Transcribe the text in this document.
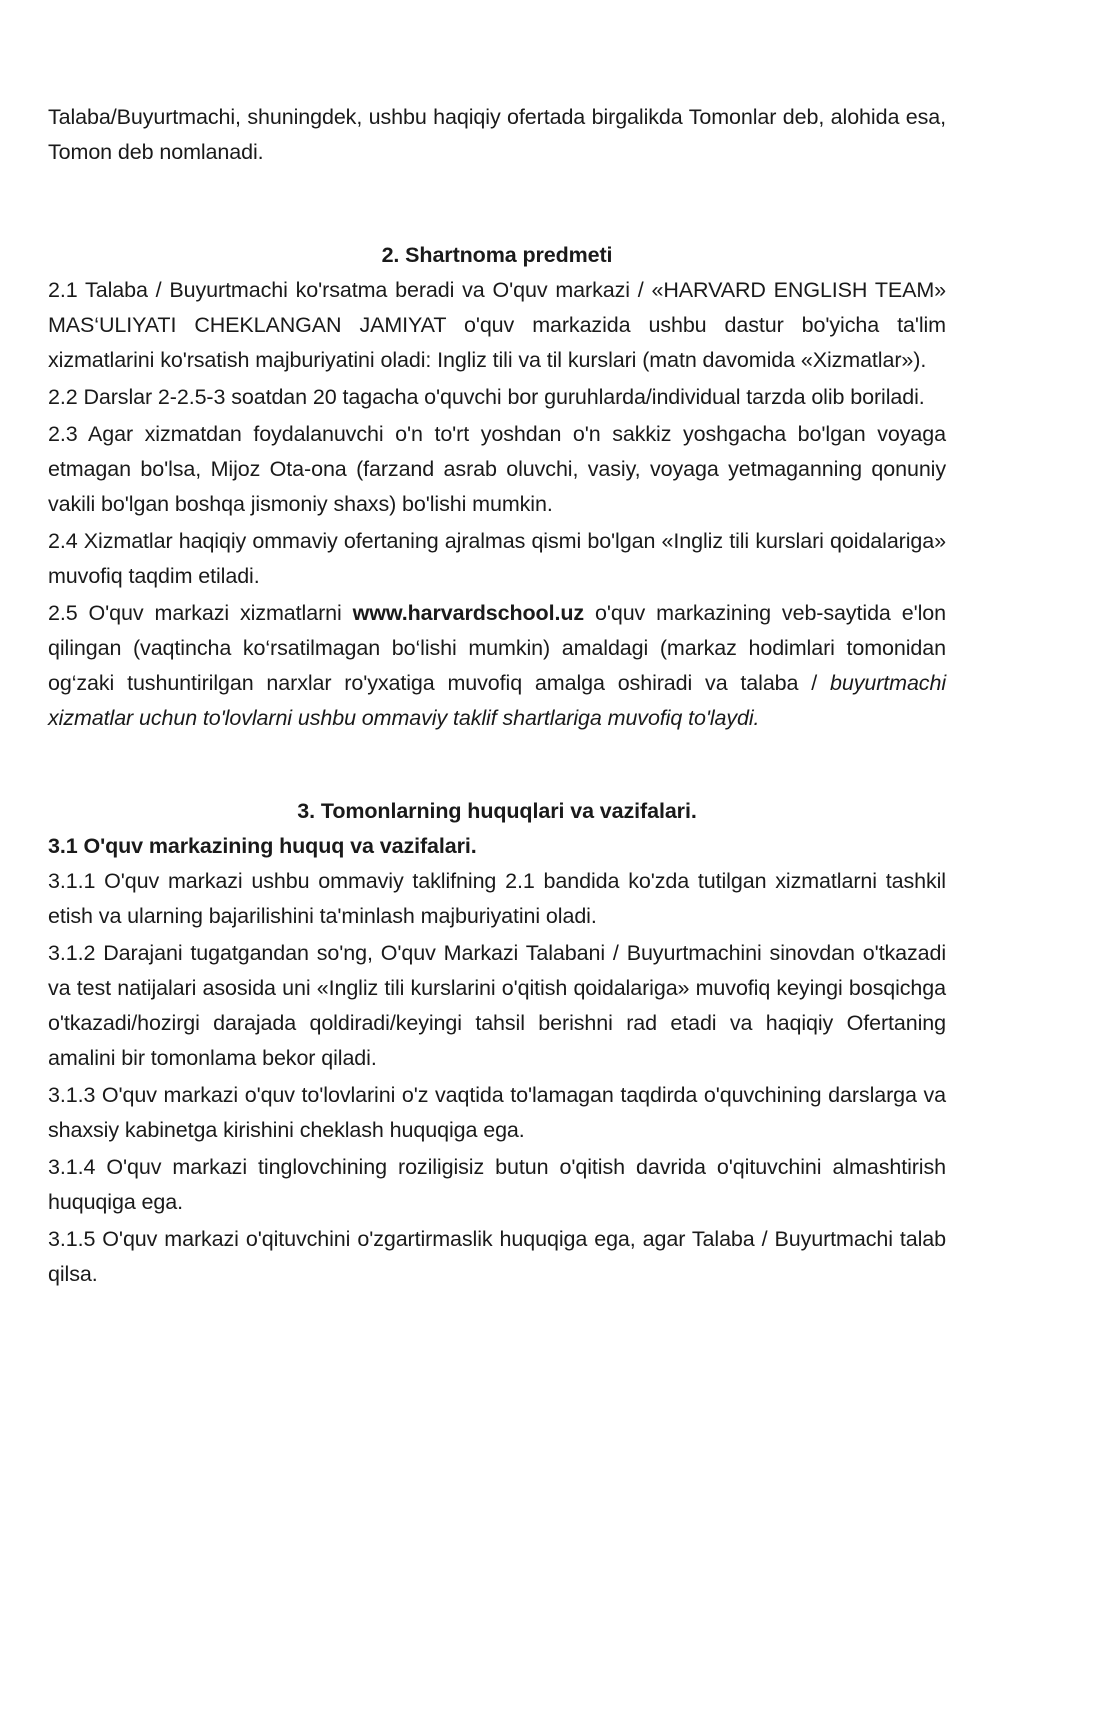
Talaba/Buyurtmachi, shuningdek, ushbu haqiqiy ofertada birgalikda Tomonlar deb, alohida esa, Tomon deb nomlanadi.

2. Shartnoma predmeti

2.1 Talaba / Buyurtmachi ko'rsatma beradi va O'quv markazi / «HARVARD ENGLISH TEAM» MAS‘ULIYATI CHEKLANGAN JAMIYAT o'quv markazida ushbu dastur bo'yicha ta'lim xizmatlarini ko'rsatish majburiyatini oladi: Ingliz tili va til kurslari (matn davomida «Xizmatlar»).

2.2 Darslar 2-2.5-3 soatdan 20 tagacha o'quvchi bor guruhlarda/individual tarzda olib boriladi.

2.3 Agar xizmatdan foydalanuvchi o'n to'rt yoshdan o'n sakkiz yoshgacha bo'lgan voyaga etmagan bo'lsa, Mijoz Ota-ona (farzand asrab oluvchi, vasiy, voyaga yetmaganning qonuniy vakili bo'lgan boshqa jismoniy shaxs) bo'lishi mumkin.

2.4 Xizmatlar haqiqiy ommaviy ofertaning ajralmas qismi bo'lgan «Ingliz tili kurslari qoidalariga» muvofiq taqdim etiladi.

2.5 O'quv markazi xizmatlarni www.harvardschool.uz o'quv markazining veb-saytida e'lon qilingan (vaqtincha ko‘rsatilmagan bo‘lishi mumkin) amaldagi (markaz hodimlari tomonidan og‘zaki tushuntirilgan narxlar ro'yxatiga muvofiq amalga oshiradi va talaba / buyurtmachi xizmatlar uchun to'lovlarni ushbu ommaviy taklif shartlariga muvofiq to'laydi.

3. Tomonlarning huquqlari va vazifalari.
3.1 O'quv markazining huquq va vazifalari.

3.1.1 O'quv markazi ushbu ommaviy taklifning 2.1 bandida ko'zda tutilgan xizmatlarni tashkil etish va ularning bajarilishini ta'minlash majburiyatini oladi.

3.1.2 Darajani tugatgandan so'ng, O'quv Markazi Talabani / Buyurtmachini sinovdan o'tkazadi va test natijalari asosida uni «Ingliz tili kurslarini o'qitish qoidalariga» muvofiq keyingi bosqichga o'tkazadi/hozirgi darajada qoldiradi/keyingi tahsil berishni rad etadi va haqiqiy Ofertaning amalini bir tomonlama bekor qiladi.

3.1.3 O'quv markazi o'quv to'lovlarini o'z vaqtida to'lamagan taqdirda o'quvchining darslarga va shaxsiy kabinetga kirishini cheklash huquqiga ega.

3.1.4 O'quv markazi tinglovchining roziligisiz butun o'qitish davrida o'qituvchini almashtirish huquqiga ega.

3.1.5 O'quv markazi o'qituvchini o'zgartirmaslik huquqiga ega, agar Talaba / Buyurtmachi talab qilsa.
